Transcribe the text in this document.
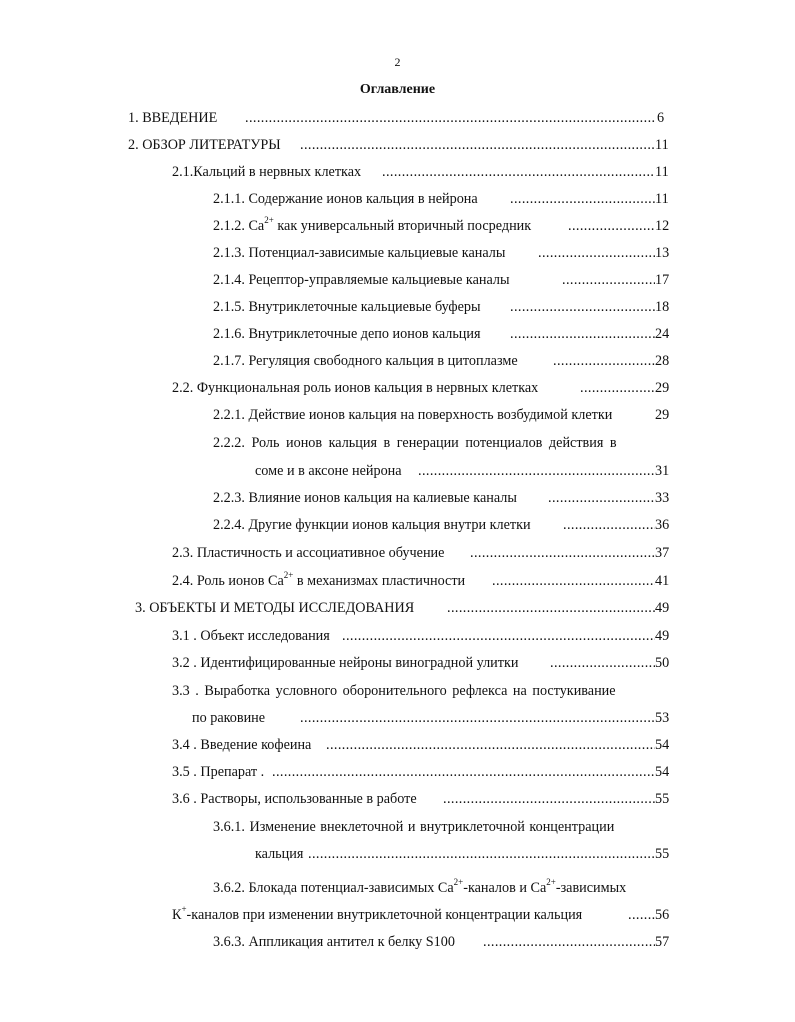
2
Оглавление
1. ВВЕДЕНИЕ .....	6
2. ОБЗОР ЛИТЕРАТУРЫ .....	11
2.1.Кальций в нервных клетках .....	11
2.1.1. Содержание ионов кальция в нейрона .....	11
2.1.2. $Са^{2+}$ как универсальный вторичный посредник .....	12
2.1.3. Потенциал-зависимые кальциевые каналы .....	13
2.1.4. Рецептор-управляемые кальциевые каналы .....	17
2.1.5. Внутриклеточные кальциевые буферы .....	18
2.1.6. Внутриклеточные депо ионов кальция .....	24
2.1.7. Регуляция свободного кальция в цитоплазме .....	28
2.2. Функциональная роль ионов кальция в нервных клетках .....	29
2.2.1. Действие ионов кальция на поверхность возбудимой клетки	29
2.2.2. Роль ионов кальция в генерации потенциалов действия в
соме и в аксоне нейрона .....	31
2.2.3. Влияние ионов кальция на калиевые каналы .....	33
2.2.4. Другие функции ионов кальция внутри клетки .....	36
2.3. Пластичность и ассоциативное обучение .....	37
2.4. Роль ионов $Са^{2+}$ в механизмах пластичности .....	41
3. ОБЪЕКТЫ И МЕТОДЫ ИССЛЕДОВАНИЯ .....	49
3.1 . Объект исследования .....	49
3.2 . Идентифицированные нейроны виноградной улитки .....	50
3.3 . Выработка условного оборонительного рефлекса на постукивание
по раковине .....	53
3.4 . Введение кофеина .....	54
3.5 . Препарат . .....	54
3.6 . Растворы, использованные в работе .....	55
3.6.1. Изменение внеклеточной и внутриклеточной концентрации
кальция .....	55
3.6.2. Блокада потенциал-зависимых $Са^{2+}$-каналов и $Са^{2+}$-зависимых
К+-каналов при изменении внутриклеточной концентрации кальция .....	56
3.6.3. Аппликация антител к белку S100 .....	57
